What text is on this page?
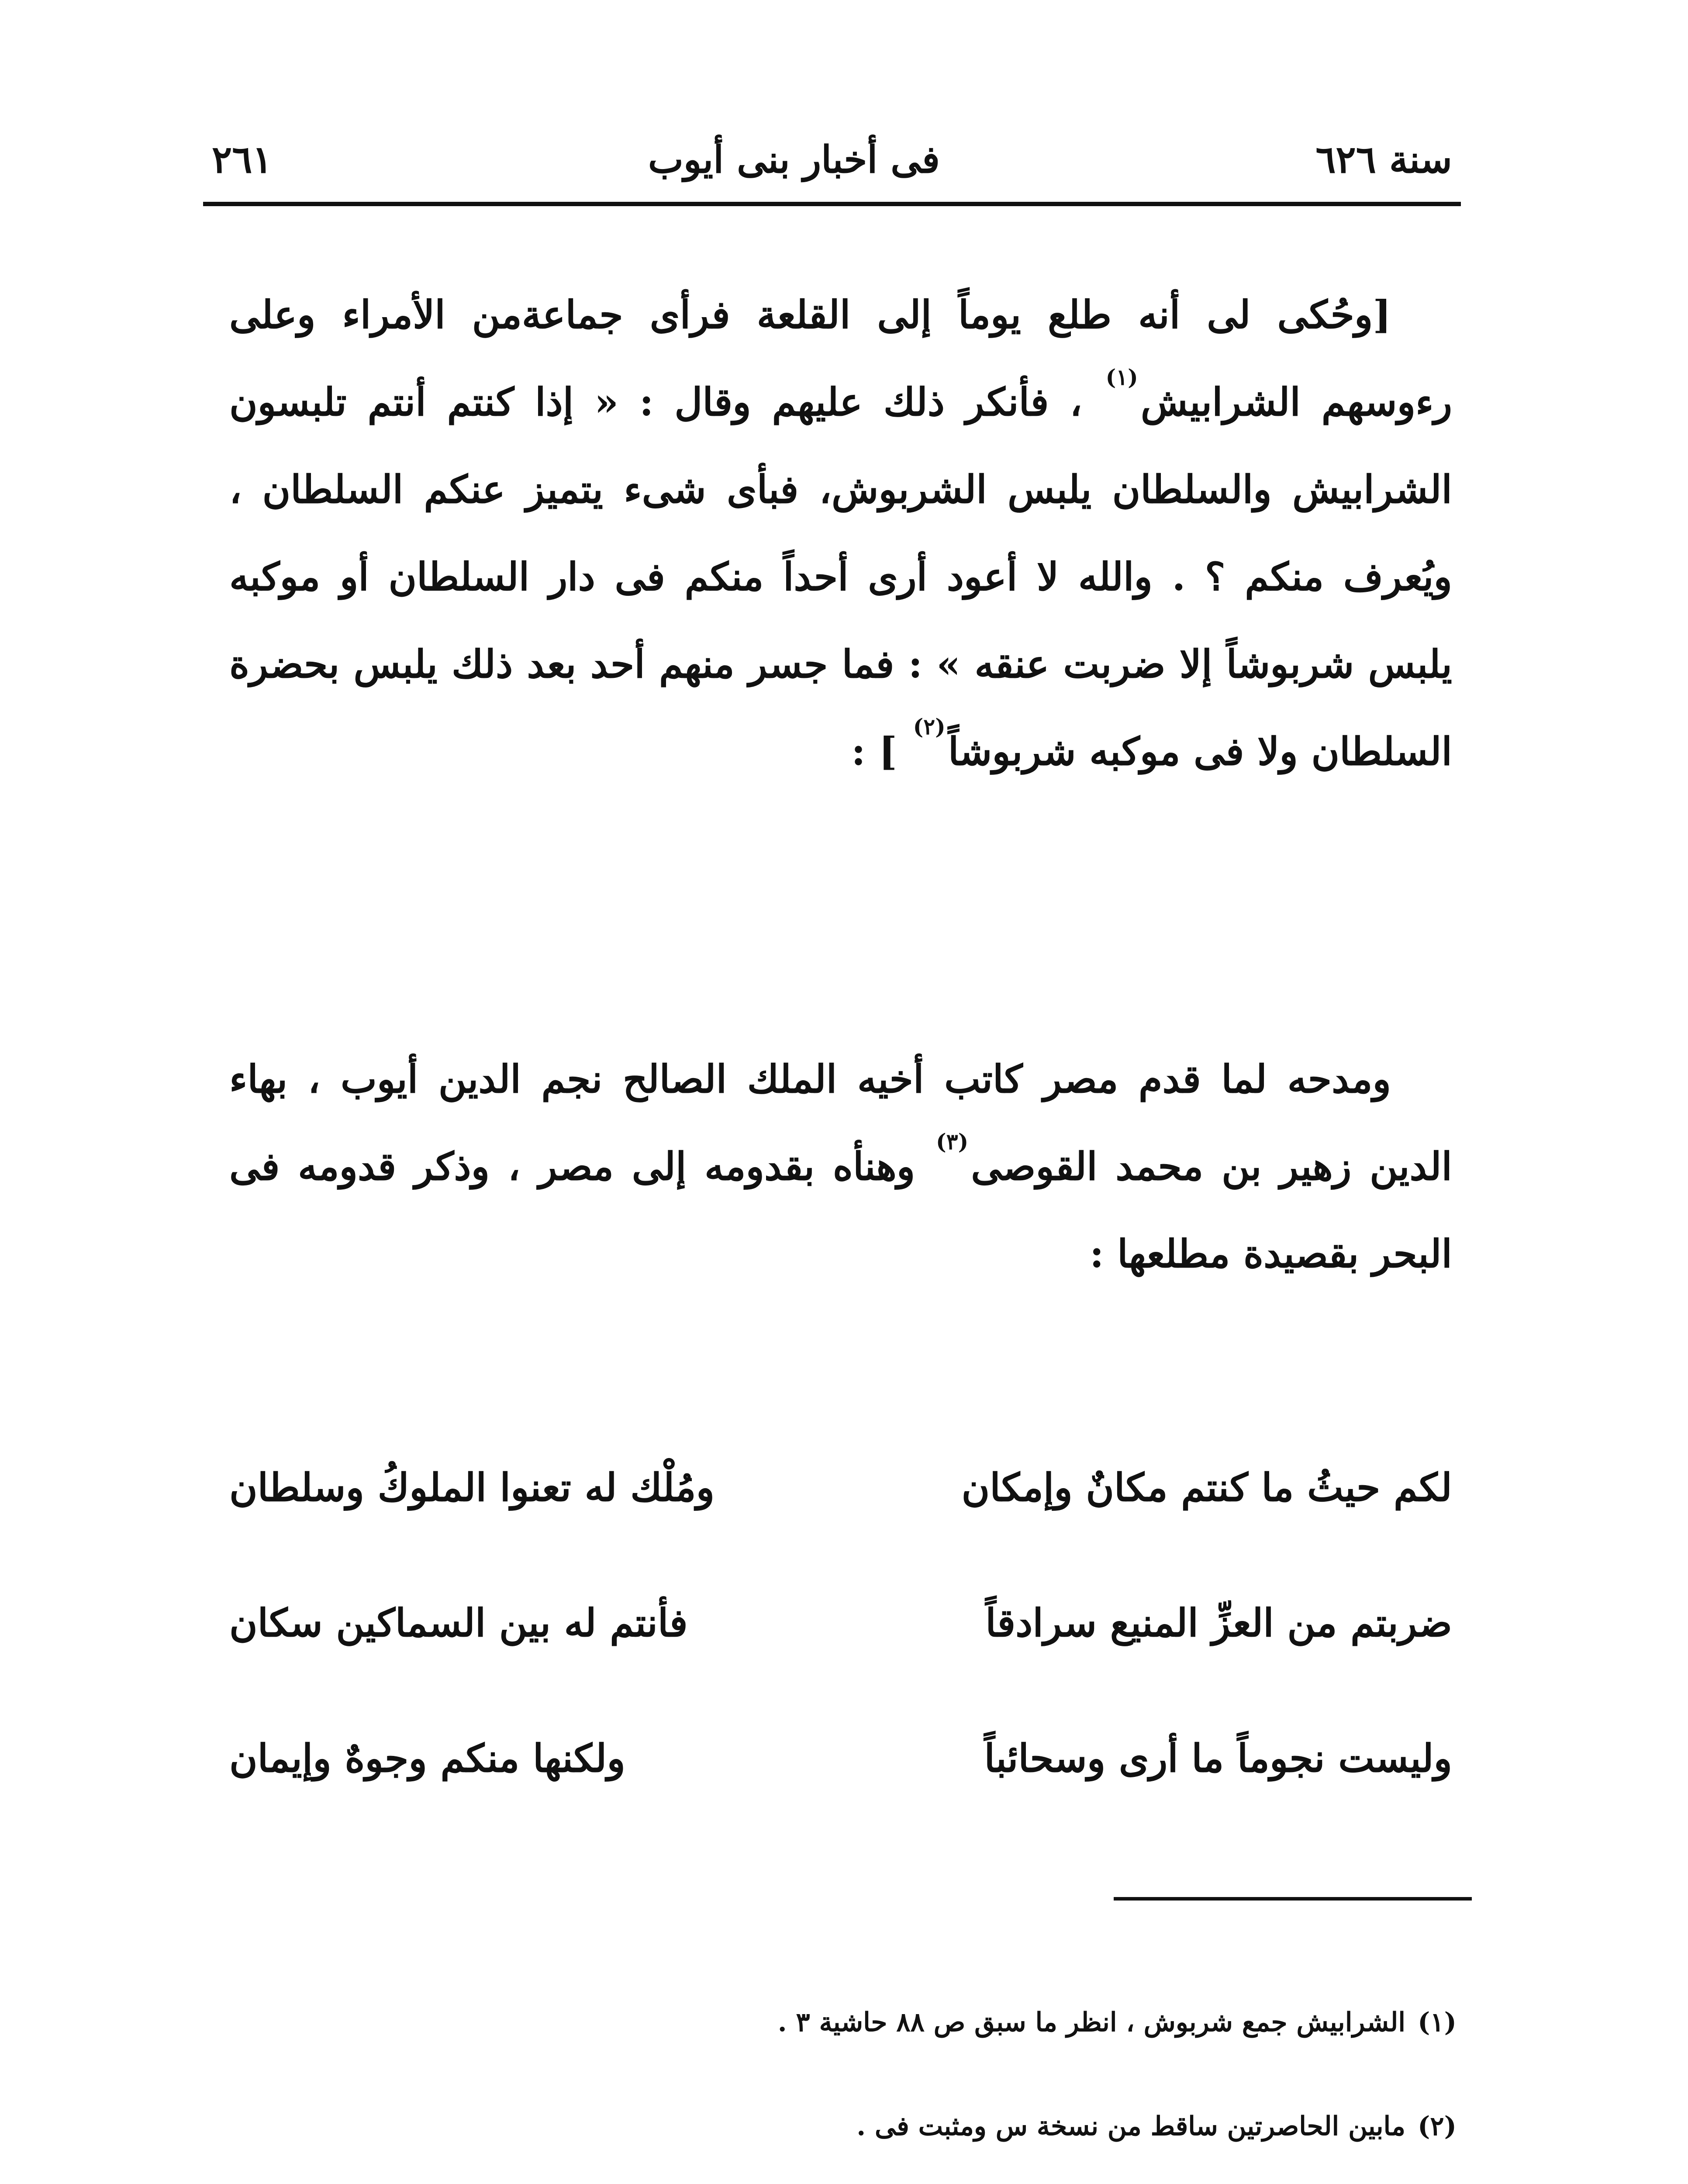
سنة ٦٢٦
فى أخبار بنى أيوب
٢٦١

[وحُكى لى أنه طلع يوماً إلى القلعة فرأى جماعةمن الأمراء وعلى رءوسهم الشرابيش$^{(١)}$ ، فأنكر ذلك عليهم وقال : « إذا كنتم أنتم تلبسون الشرابيش والسلطان يلبس الشربوش، فبأى شىء يتميز عنكم السلطان ، ويُعرف منكم ؟ . والله لا أعود أرى أحداً منكم فى دار السلطان أو موكبه يلبس شربوشاً إلا ضربت عنقه » : فما جسر منهم أحد بعد ذلك يلبس بحضرة السلطان ولا فى موكبه شربوشاً$^{(٢)}$ ] :

ومدحه لما قدم مصر كاتب أخيه الملك الصالح نجم الدين أيوب ، بهاء الدين زهير بن محمد القوصى$^{(٣)}$ وهنأه بقدومه إلى مصر ، وذكر قدومه فى البحر بقصيدة مطلعها :

لكم حيثُ ما كنتم مكانٌ وإمكان
ومُلْك له تعنوا الملوكُ وسلطان
ضربتم من العزِّ المنيع سرادقاً
فأنتم له بين السماكين سكان
وليست نجوماً ما أرى وسحائباً
ولكنها منكم وجوهٌ وإيمان
(١)الشرابيش جمع شربوش ، انظر ما سبق ص ٨٨ حاشية ٣ .
(٢)مابين الحاصرتين ساقط من نسخة س ومثبت فى .
